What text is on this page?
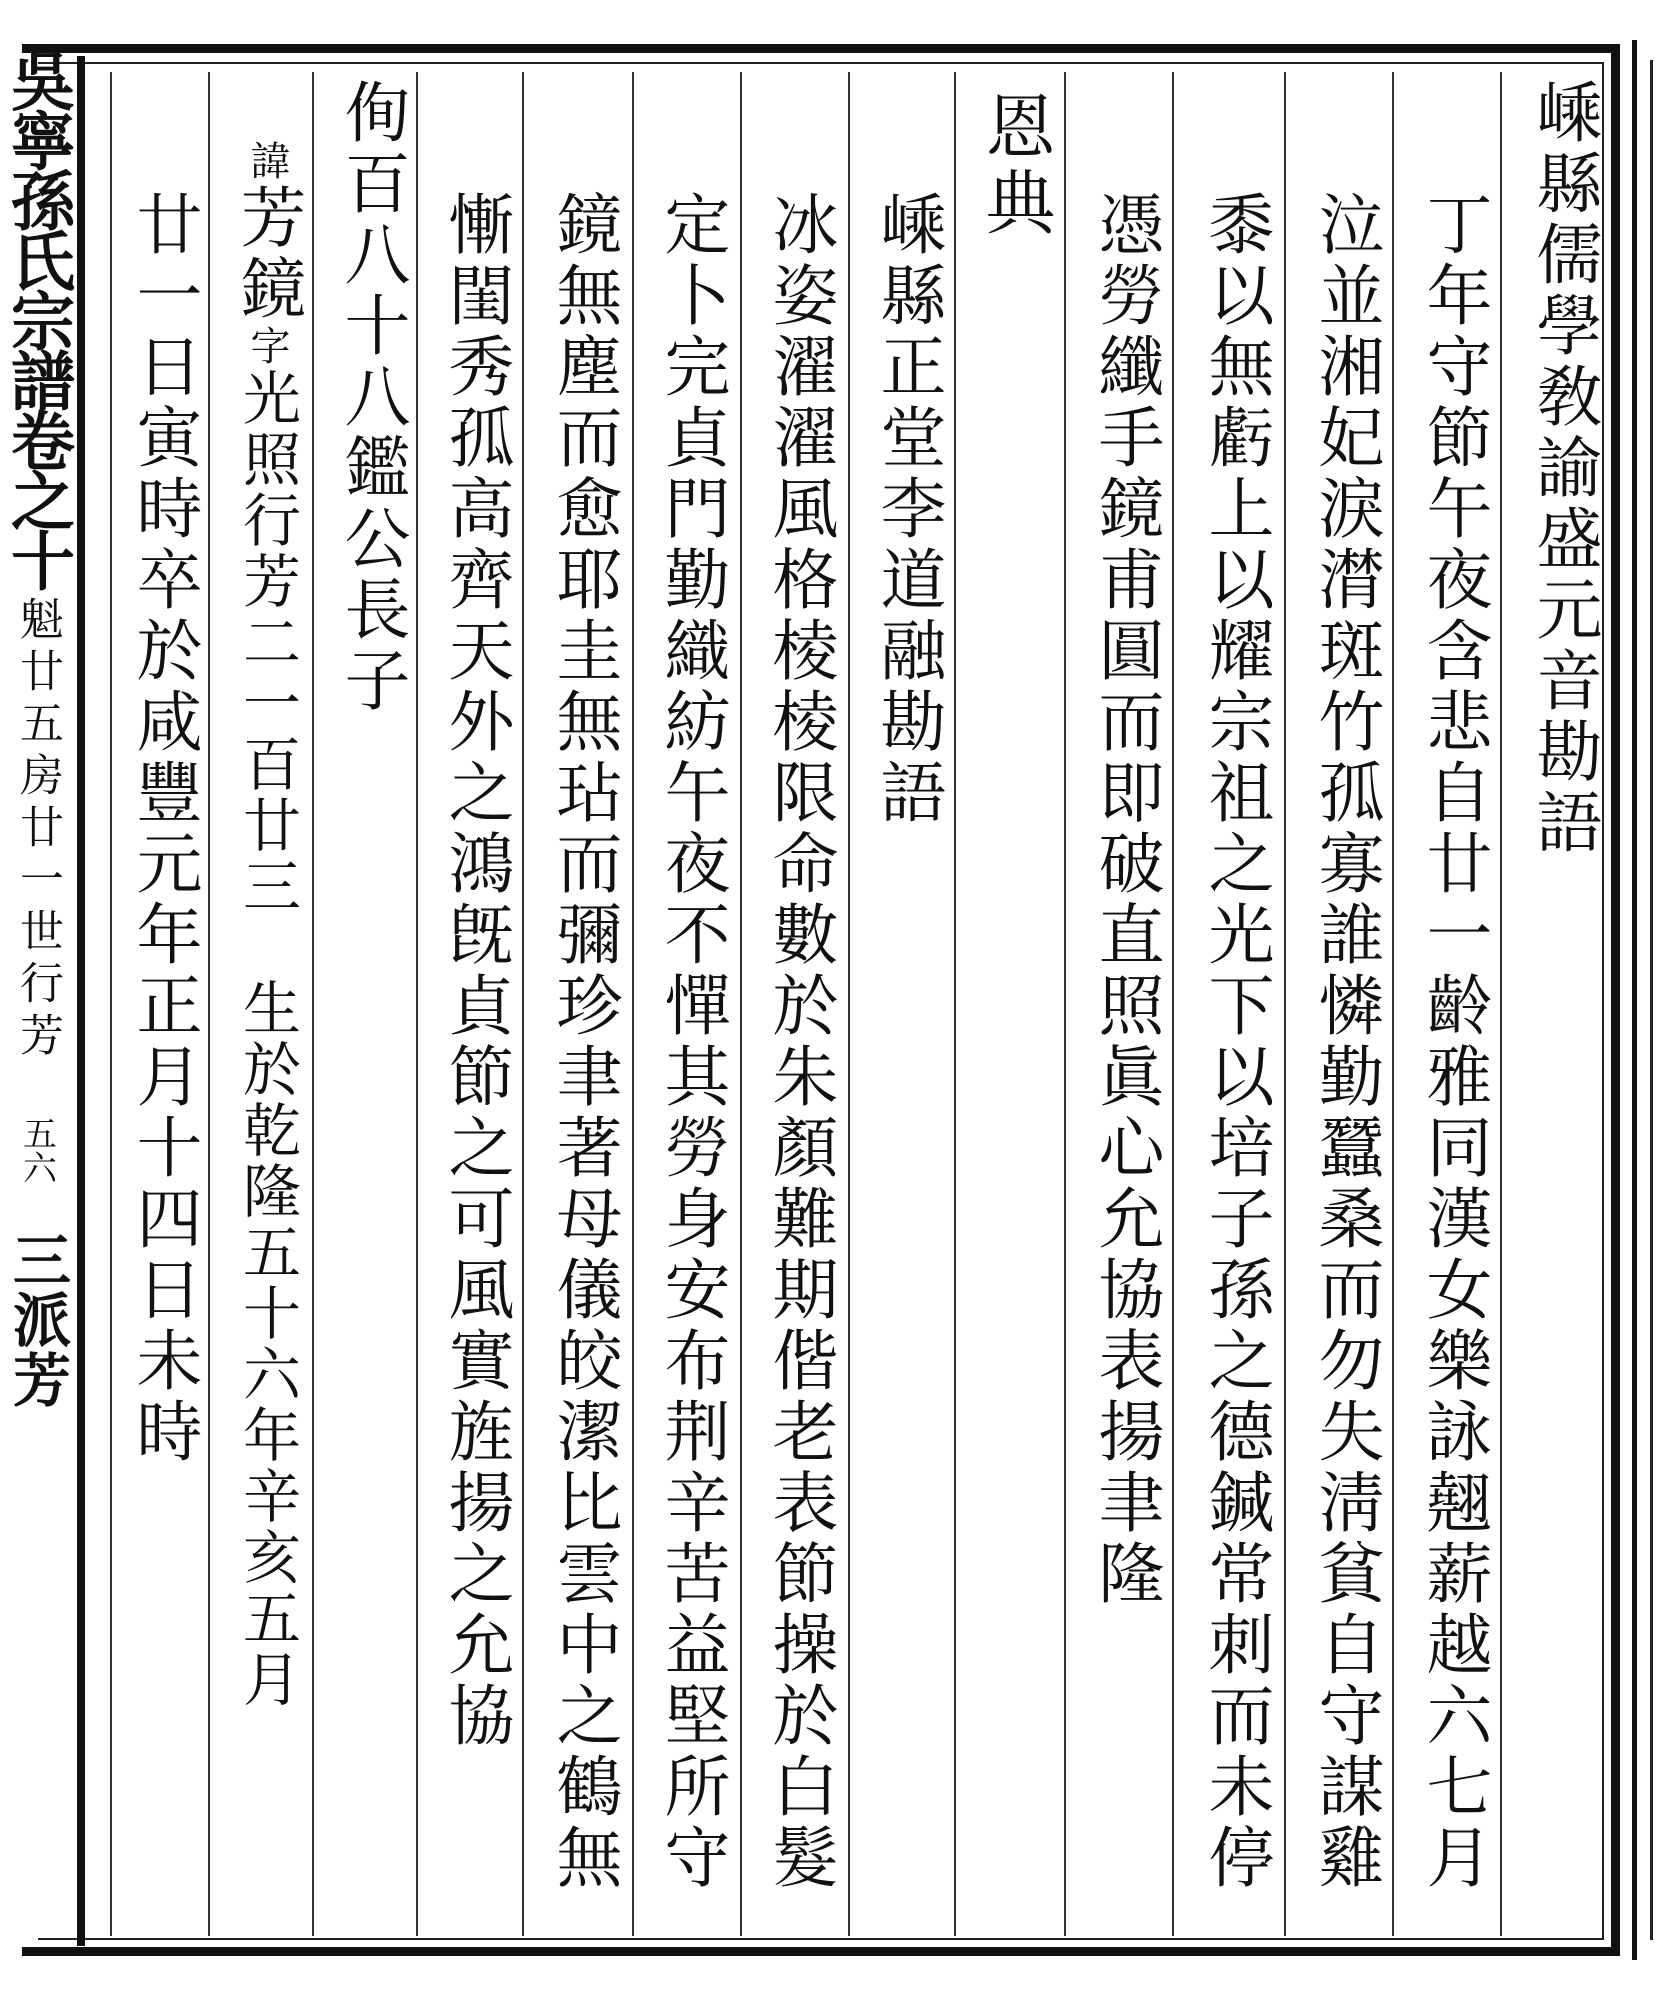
吳寧孫氏宗譜
卷之十
魁廿五房廿一世行芳
五六
三派芳
嵊縣儒學敎諭盛元音勘語
丁年守節午夜含悲自廿一齡雅同漢女樂詠翹薪越六七月
泣並湘妃淚潸斑竹孤寡誰憐勤蠶桑而勿失淸貧自守謀雞
黍以無虧上以耀宗祖之光下以培子孫之德鍼常刺而未停
憑勞纖手鏡甫圓而即破直照眞心允協表揚聿隆
恩典
嵊縣正堂李道融勘語
冰姿濯濯風格棱棱限命數於朱顏難期偕老表節操於白髮
定卜完貞門勤織紡午夜不憚其勞身安布荆辛苦益堅所守
鏡無塵而愈耶圭無玷而彌珍聿著母儀皎潔比雲中之鶴無
慚閨秀孤高齊天外之鴻旣貞節之可風實旌揚之允協
侚百八十八鑑公長子
諱
芳鏡
字
光照行芳二一百廿三　生於乾隆五十六年辛亥五月
廿一日寅時卒於咸豐元年正月十四日未時
